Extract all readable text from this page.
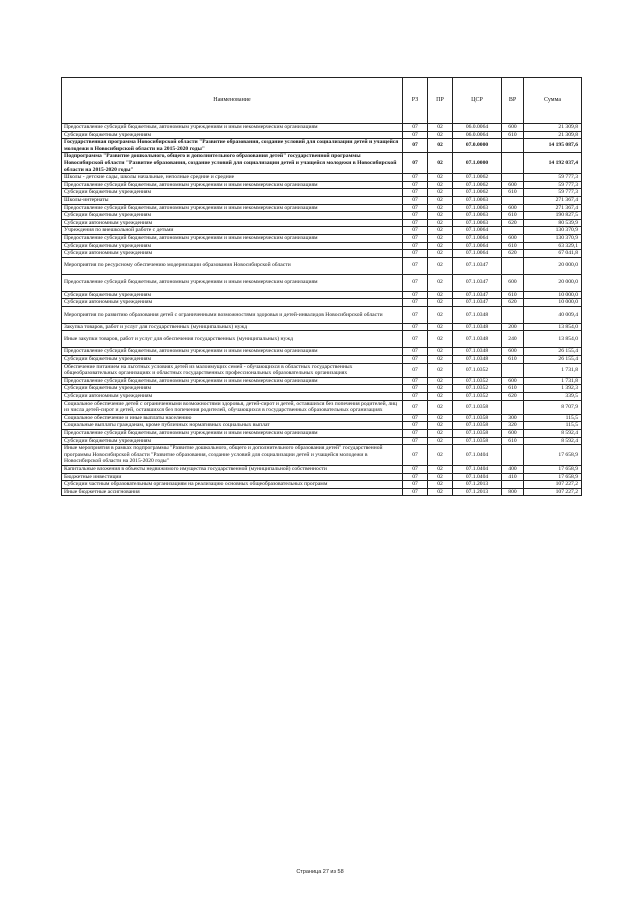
Наименование	РЗ	ПР	ЦСР	ВР	Сумма
Предоставление субсидий бюджетным, автономным учреждениям и иным некоммерческим организациям	07	02	06.0.0064	600	21 309,8
Субсидии бюджетным учреждениям	07	02	06.0.0064	610	21 309,8
Государственная программа Новосибирской области "Развитие образования, создание условий для социализации детей и учащейся молодежи в Новосибирской области на 2015-2020 годы"	07	02	07.0.0000		14 195 087,6
Подпрограмма "Развитие дошкольного, общего и дополнительного образования детей" государственной программы Новосибирской области "Развитие образования, создание условий для социализации детей и учащейся молодежи в Новосибирской области на 2015-2020 годы"	07	02	07.1.0000		14 192 037,4
Школы - детские сады, школы начальные, неполные средние и средние	07	02	07.1.0062		59 777,3
Предоставление субсидий бюджетным, автономным учреждениям и иным некоммерческим организациям	07	02	07.1.0062	600	59 777,3
Субсидии бюджетным учреждениям	07	02	07.1.0062	610	59 777,3
Школы-интернаты	07	02	07.1.0063		271 367,4
Предоставление субсидий бюджетным, автономным учреждениям и иным некоммерческим организациям	07	02	07.1.0063	600	271 367,4
Субсидии бюджетным учреждениям	07	02	07.1.0063	610	190 827,5
Субсидии автономным учреждениям	07	02	07.1.0063	620	80 539,9
Учреждения по внешкольной работе с детьми	07	02	07.1.0064		130 370,9
Предоставление субсидий бюджетным, автономным учреждениям и иным некоммерческим организациям	07	02	07.1.0064	600	130 370,9
Субсидии бюджетным учреждениям	07	02	07.1.0064	610	63 329,1
Субсидии автономным учреждениям	07	02	07.1.0064	620	67 041,8
Мероприятия по ресурсному обеспечению модернизации образования Новосибирской области	07	02	07.1.0347		20 000,0
Предоставление субсидий бюджетным, автономным учреждениям и иным некоммерческим организациям	07	02	07.1.0347	600	20 000,0
Субсидии бюджетным учреждениям	07	02	07.1.0347	610	10 000,0
Субсидии автономным учреждениям	07	02	07.1.0347	620	10 000,0
Мероприятия по развитию образования детей с ограниченными возможностями здоровья и детей-инвалидов Новосибирской области	07	02	07.1.0348		40 009,4
Закупка товаров, работ и услуг для государственных (муниципальных) нужд	07	02	07.1.0348	200	13 854,0
Иные закупки товаров, работ и услуг для обеспечения государственных (муниципальных) нужд	07	02	07.1.0348	240	13 854,0
Предоставление субсидий бюджетным, автономным учреждениям и иным некоммерческим организациям	07	02	07.1.0348	600	26 155,4
Субсидии бюджетным учреждениям	07	02	07.1.0348	610	26 155,4
Обеспечение питанием на льготных условиях детей из малоимущих семей - обучающихся в областных государственных общеобразовательных организациях и областных государственных профессиональных образовательных организациях	07	02	07.1.0352		1 731,8
Предоставление субсидий бюджетным, автономным учреждениям и иным некоммерческим организациям	07	02	07.1.0352	600	1 731,8
Субсидии бюджетным учреждениям	07	02	07.1.0352	610	1 392,3
Субсидии автономным учреждениям	07	02	07.1.0352	620	339,5
Социальное обеспечение детей с ограниченными возможностями здоровья, детей-сирот и детей, оставшихся без попечения родителей, лиц из числа детей-сирот и детей, оставшихся без попечения родителей, обучающихся в государственных образовательных организациях	07	02	07.1.0358		8 707,9
Социальное обеспечение и иные выплаты населению	07	02	07.1.0358	300	115,5
Социальные выплаты гражданам, кроме публичных нормативных социальных выплат	07	02	07.1.0358	320	115,5
Предоставление субсидий бюджетным, автономным учреждениям и иным некоммерческим организациям	07	02	07.1.0358	600	8 592,4
Субсидии бюджетным учреждениям	07	02	07.1.0358	610	8 592,4
Иные мероприятия в рамках подпрограммы "Развитие дошкольного, общего и дополнительного образования детей" государственной программы Новосибирской области "Развитие образования, создание условий для социализации детей и учащейся молодежи в Новосибирской области на 2015-2020 годы"	07	02	07.1.0404		17 658,9
Капитальные вложения в объекты недвижимого имущества государственной (муниципальной) собственности	07	02	07.1.0404	400	17 658,9
Бюджетные инвестиции	07	02	07.1.0404	410	17 658,9
Субсидии частным образовательным организациям на реализацию основных общеобразовательных программ	07	02	07.1.2013		107 227,2
Иные бюджетные ассигнования	07	02	07.1.2013	800	107 227,2
Страница 27 из 58
